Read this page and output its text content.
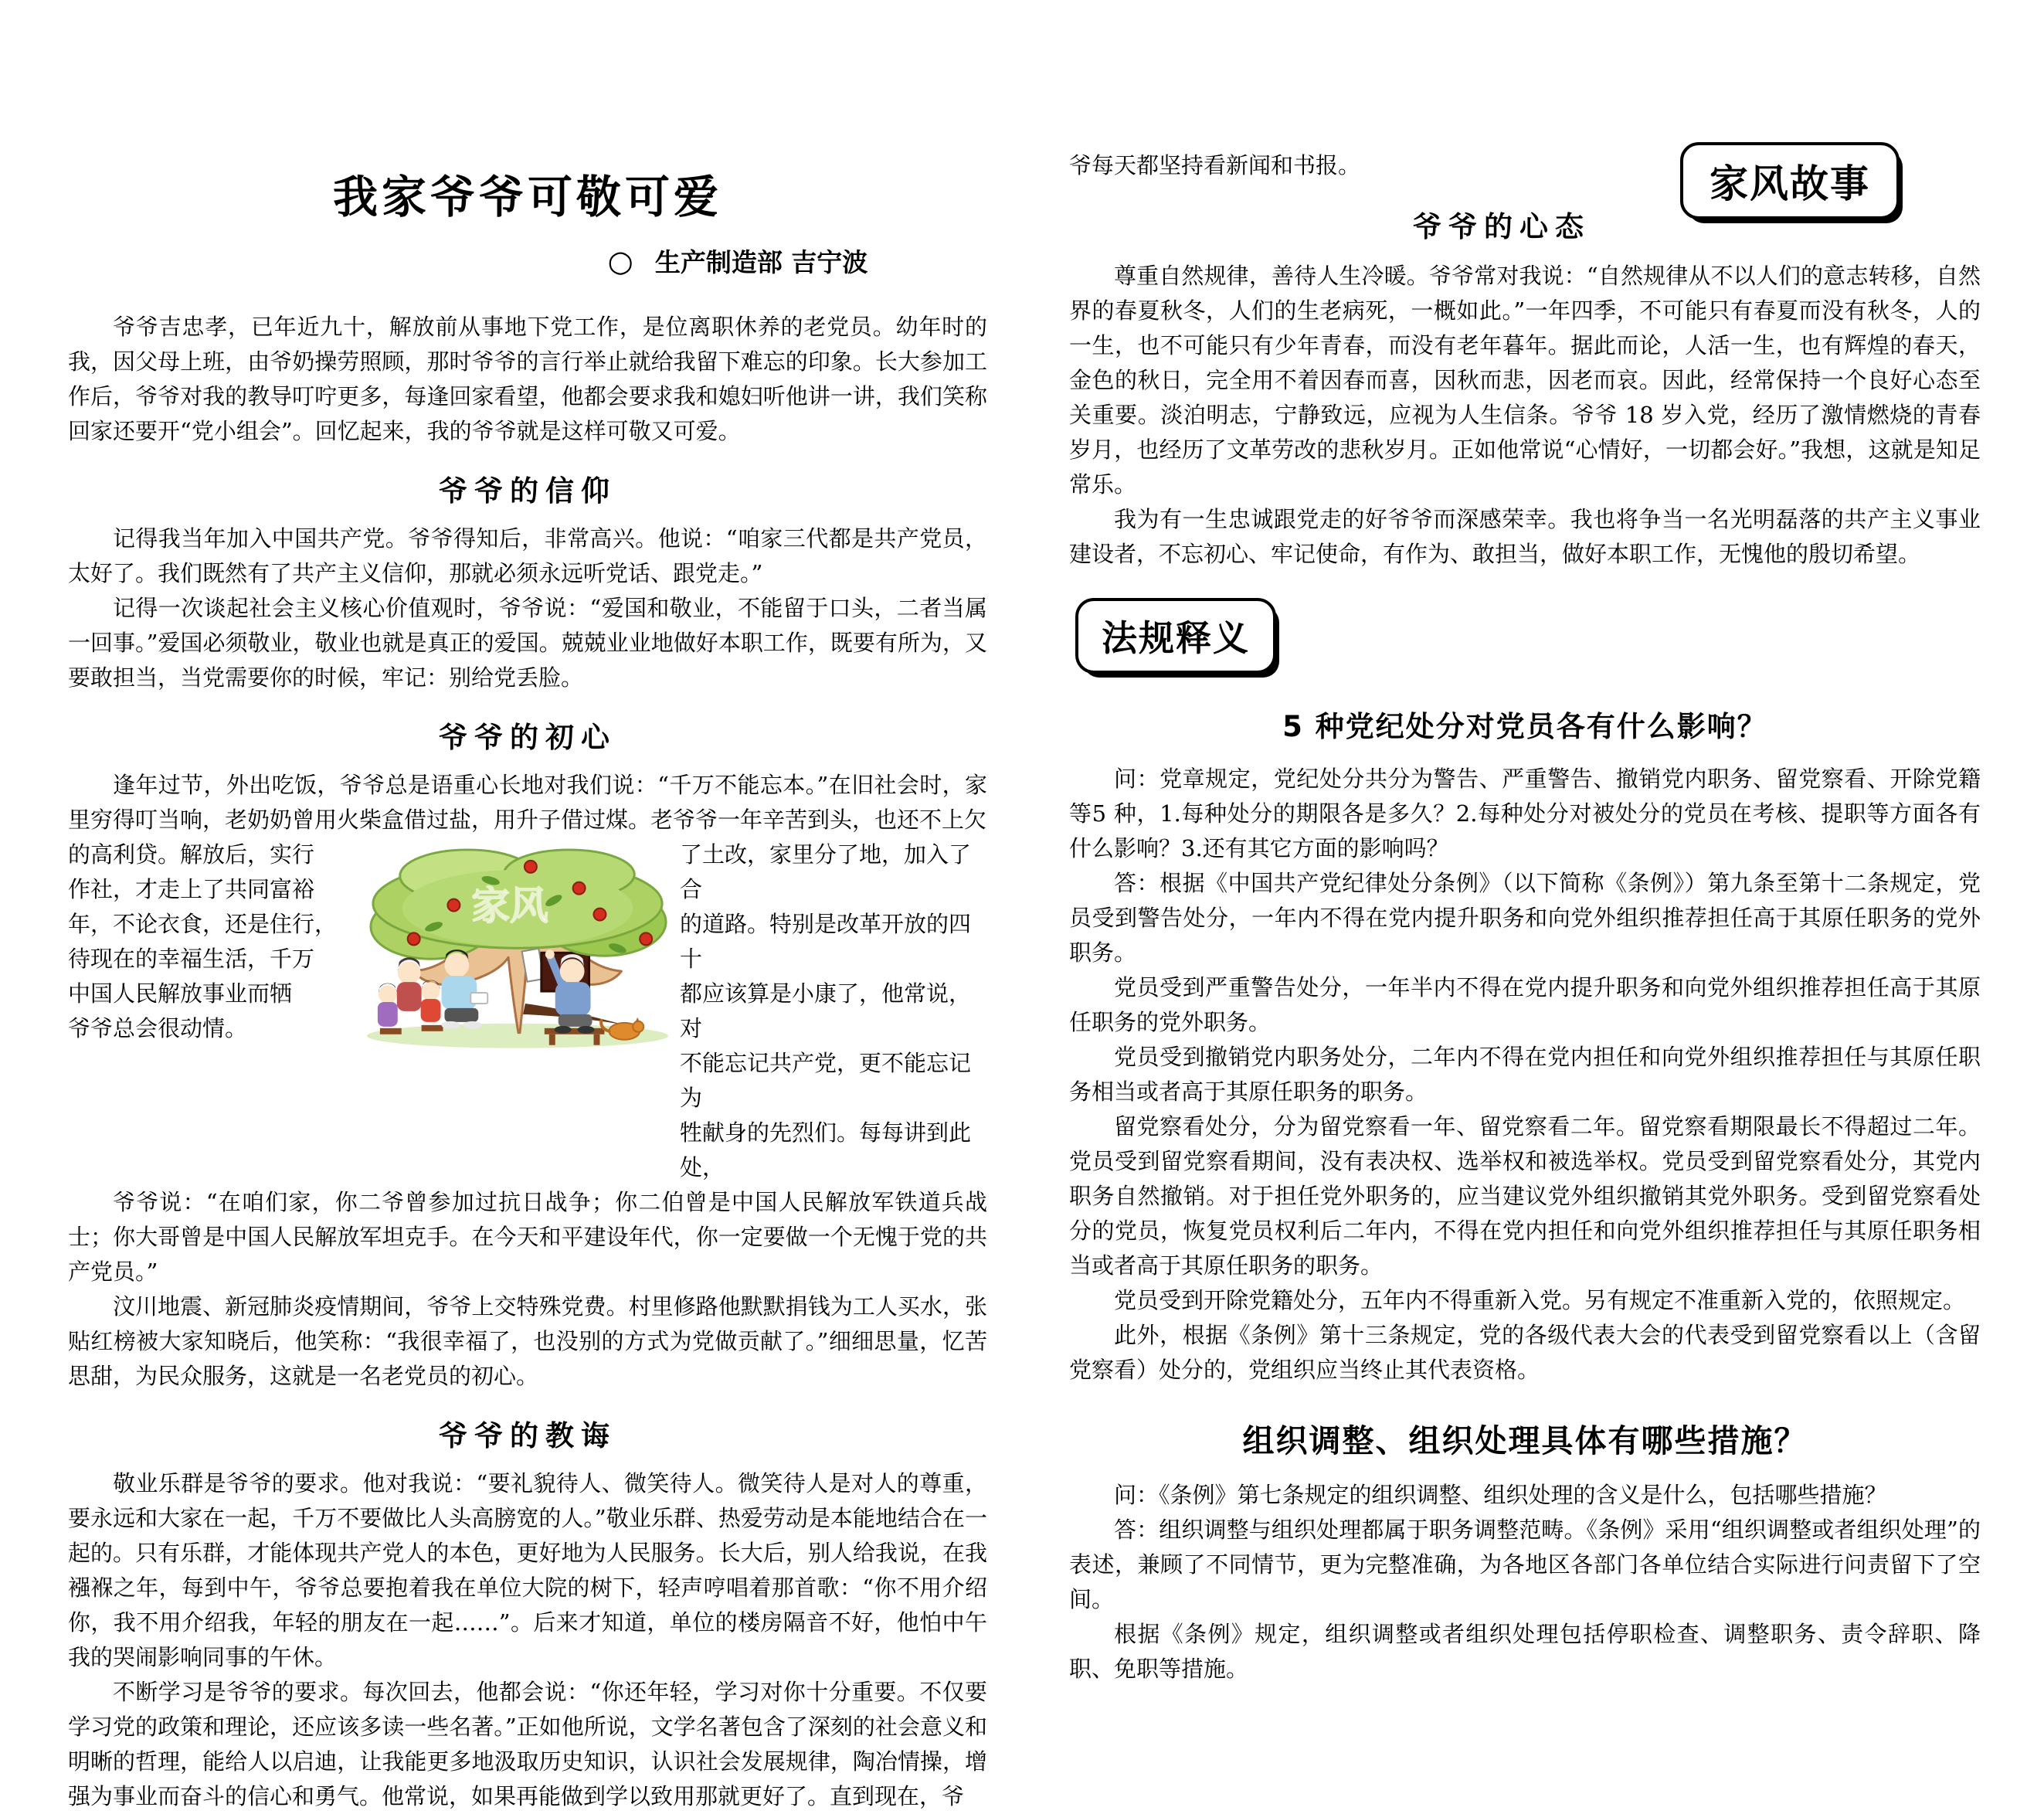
我家爷爷可敬可爱
○ 生产制造部 吉宁波

爷爷吉忠孝，已年近九十，解放前从事地下党工作，是位离职休养的老党员。幼年时的我，因父母上班，由爷奶操劳照顾，那时爷爷的言行举止就给我留下难忘的印象。长大参加工作后，爷爷对我的教导叮咛更多，每逢回家看望，他都会要求我和媳妇听他讲一讲，我们笑称回家还要开“党小组会”。回忆起来，我的爷爷就是这样可敬又可爱。

爷爷的信仰

记得我当年加入中国共产党。爷爷得知后，非常高兴。他说：“咱家三代都是共产党员，太好了。我们既然有了共产主义信仰，那就必须永远听党话、跟党走。”

记得一次谈起社会主义核心价值观时，爷爷说：“爱国和敬业，不能留于口头，二者当属一回事。”爱国必须敬业，敬业也就是真正的爱国。兢兢业业地做好本职工作，既要有所为，又要敢担当，当党需要你的时候，牢记：别给党丢脸。

爷爷的初心

逢年过节，外出吃饭，爷爷总是语重心长地对我们说：“千万不能忘本。”在旧社会时，家里穷得叮当响，老奶奶曾用火柴盒借过盐，用升子借过煤。老爷爷一年辛苦到头，也还不上欠

的高利贷。解放后，实行
作社，才走上了共同富裕
年，不论衣食，还是住行，
待现在的幸福生活，千万
中国人民解放事业而牺
爷爷总会很动情。
家风
了土改，家里分了地，加入了合
的道路。特别是改革开放的四十
都应该算是小康了，他常说，对
不能忘记共产党，更不能忘记为
牲献身的先烈们。每每讲到此处，

爷爷说：“在咱们家，你二爷曾参加过抗日战争；你二伯曾是中国人民解放军铁道兵战士；你大哥曾是中国人民解放军坦克手。在今天和平建设年代，你一定要做一个无愧于党的共产党员。”

汶川地震、新冠肺炎疫情期间，爷爷上交特殊党费。村里修路他默默捐钱为工人买水，张贴红榜被大家知晓后，他笑称：“我很幸福了，也没别的方式为党做贡献了。”细细思量，忆苦思甜，为民众服务，这就是一名老党员的初心。

爷爷的教诲

敬业乐群是爷爷的要求。他对我说：“要礼貌待人、微笑待人。微笑待人是对人的尊重，要永远和大家在一起，千万不要做比人头高膀宽的人。”敬业乐群、热爱劳动是本能地结合在一起的。只有乐群，才能体现共产党人的本色，更好地为人民服务。长大后，别人给我说，在我襁褓之年，每到中午，爷爷总要抱着我在单位大院的树下，轻声哼唱着那首歌：“你不用介绍你，我不用介绍我，年轻的朋友在一起……”。后来才知道，单位的楼房隔音不好，他怕中午我的哭闹影响同事的午休。

不断学习是爷爷的要求。每次回去，他都会说：“你还年轻，学习对你十分重要。不仅要学习党的政策和理论，还应该多读一些名著。”正如他所说，文学名著包含了深刻的社会意义和明晰的哲理，能给人以启迪，让我能更多地汲取历史知识，认识社会发展规律，陶冶情操，增强为事业而奋斗的信心和勇气。他常说，如果再能做到学以致用那就更好了。直到现在，爷

家风故事

爷每天都坚持看新闻和书报。

爷爷的心态

尊重自然规律，善待人生冷暖。爷爷常对我说：“自然规律从不以人们的意志转移，自然界的春夏秋冬，人们的生老病死，一概如此。”一年四季，不可能只有春夏而没有秋冬，人的一生，也不可能只有少年青春，而没有老年暮年。据此而论，人活一生，也有辉煌的春天，金色的秋日，完全用不着因春而喜，因秋而悲，因老而哀。因此，经常保持一个良好心态至关重要。淡泊明志，宁静致远，应视为人生信条。爷爷 18 岁入党，经历了激情燃烧的青春岁月，也经历了文革劳改的悲秋岁月。正如他常说“心情好，一切都会好。”我想，这就是知足常乐。

我为有一生忠诚跟党走的好爷爷而深感荣幸。我也将争当一名光明磊落的共产主义事业建设者，不忘初心、牢记使命，有作为、敢担当，做好本职工作，无愧他的殷切希望。

法规释义
5 种党纪处分对党员各有什么影响？

问：党章规定，党纪处分共分为警告、严重警告、撤销党内职务、留党察看、开除党籍等5 种，1.每种处分的期限各是多久？2.每种处分对被处分的党员在考核、提职等方面各有什么影响？3.还有其它方面的影响吗？

答：根据《中国共产党纪律处分条例》（以下简称《条例》）第九条至第十二条规定，党员受到警告处分，一年内不得在党内提升职务和向党外组织推荐担任高于其原任职务的党外职务。

党员受到严重警告处分，一年半内不得在党内提升职务和向党外组织推荐担任高于其原任职务的党外职务。

党员受到撤销党内职务处分，二年内不得在党内担任和向党外组织推荐担任与其原任职务相当或者高于其原任职务的职务。

留党察看处分，分为留党察看一年、留党察看二年。留党察看期限最长不得超过二年。党员受到留党察看期间，没有表决权、选举权和被选举权。党员受到留党察看处分，其党内职务自然撤销。对于担任党外职务的，应当建议党外组织撤销其党外职务。受到留党察看处分的党员，恢复党员权利后二年内，不得在党内担任和向党外组织推荐担任与其原任职务相当或者高于其原任职务的职务。

党员受到开除党籍处分，五年内不得重新入党。另有规定不准重新入党的，依照规定。

此外，根据《条例》第十三条规定，党的各级代表大会的代表受到留党察看以上（含留党察看）处分的，党组织应当终止其代表资格。

组织调整、组织处理具体有哪些措施？

问：《条例》第七条规定的组织调整、组织处理的含义是什么，包括哪些措施？

答：组织调整与组织处理都属于职务调整范畴。《条例》采用“组织调整或者组织处理”的表述，兼顾了不同情节，更为完整准确，为各地区各部门各单位结合实际进行问责留下了空间。

根据《条例》规定，组织调整或者组织处理包括停职检查、调整职务、责令辞职、降职、免职等措施。
